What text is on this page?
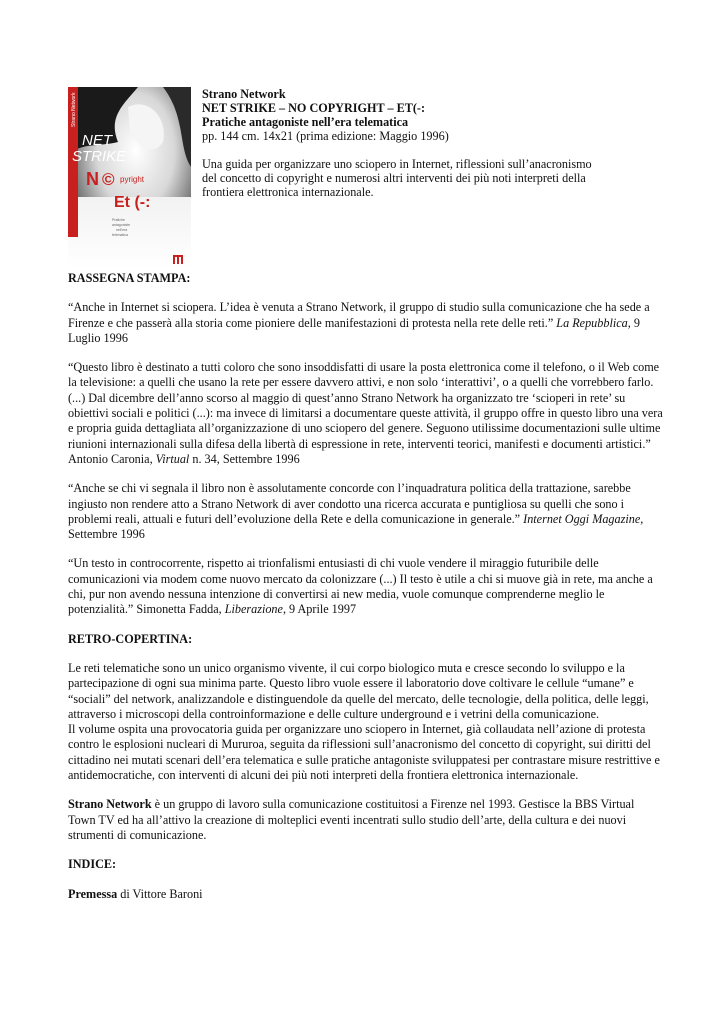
Strano Network
NET
STRIKE
N © pyright
Et (-:
Pratiche
antagoniste
nell'era
telematica
Strano Network
NET STRIKE – NO COPYRIGHT – ET(-:
Pratiche antagoniste nell’era telematica
pp. 144 cm. 14x21 (prima edizione: Maggio 1996)
Una guida per organizzare uno sciopero in Internet, riflessioni sull’anacronismo del concetto di copyright e numerosi altri interventi dei più noti interpreti della frontiera elettronica internazionale.
RASSEGNA STAMPA:

“Anche in Internet si sciopera. L’idea è venuta a Strano Network, il gruppo di studio sulla comunicazione che ha sede a Firenze e che passerà alla storia come pioniere delle manifestazioni di protesta nella rete delle reti.” La Repubblica, 9 Luglio 1996

“Questo libro è destinato a tutti coloro che sono insoddisfatti di usare la posta elettronica come il telefono, o il Web come la televisione: a quelli che usano la rete per essere davvero attivi, e non solo ‘interattivi’, o a quelli che vorrebbero farlo. (...) Dal dicembre dell’anno scorso al maggio di quest’anno Strano Network ha organizzato tre ‘scioperi in rete’ su obiettivi sociali e politici (...): ma invece di limitarsi a documentare queste attività, il gruppo offre in questo libro una vera e propria guida dettagliata all’organizzazione di uno sciopero del genere. Seguono utilissime documentazioni sulle ultime riunioni internazionali sulla difesa della libertà di espressione in rete, interventi teorici, manifesti e documenti artistici.” Antonio Caronia, Virtual n. 34, Settembre 1996

“Anche se chi vi segnala il libro non è assolutamente concorde con l’inquadratura politica della trattazione, sarebbe ingiusto non rendere atto a Strano Network di aver condotto una ricerca accurata e puntigliosa su quelli che sono i problemi reali, attuali e futuri dell’evoluzione della Rete e della comunicazione in generale.” Internet Oggi Magazine, Settembre 1996

“Un testo in controcorrente, rispetto ai trionfalismi entusiasti di chi vuole vendere il miraggio futuribile delle comunicazioni via modem come nuovo mercato da colonizzare (...) Il testo è utile a chi si muove già in rete, ma anche a chi, pur non avendo nessuna intenzione di convertirsi ai new media, vuole comunque comprenderne meglio le potenzialità.” Simonetta Fadda, Liberazione, 9 Aprile 1997

RETRO-COPERTINA:

Le reti telematiche sono un unico organismo vivente, il cui corpo biologico muta e cresce secondo lo sviluppo e la partecipazione di ogni sua minima parte. Questo libro vuole essere il laboratorio dove coltivare le cellule “umane” e “sociali” del network, analizzandole e distinguendole da quelle del mercato, delle tecnologie, della politica, delle leggi, attraverso i microscopi della controinformazione e delle culture underground e i vetrini della comunicazione.

Il volume ospita una provocatoria guida per organizzare uno sciopero in Internet, già collaudata nell’azione di protesta contro le esplosioni nucleari di Mururoa, seguita da riflessioni sull’anacronismo del concetto di copyright, sui diritti del cittadino nei mutati scenari dell’era telematica e sulle pratiche antagoniste sviluppatesi per contrastare misure restrittive e antidemocratiche, con interventi di alcuni dei più noti interpreti della frontiera elettronica internazionale.

Strano Network è un gruppo di lavoro sulla comunicazione costituitosi a Firenze nel 1993. Gestisce la BBS Virtual Town TV ed ha all’attivo la creazione di molteplici eventi incentrati sullo studio dell’arte, della cultura e dei nuovi strumenti di comunicazione.

INDICE:

Premessa di Vittore Baroni
